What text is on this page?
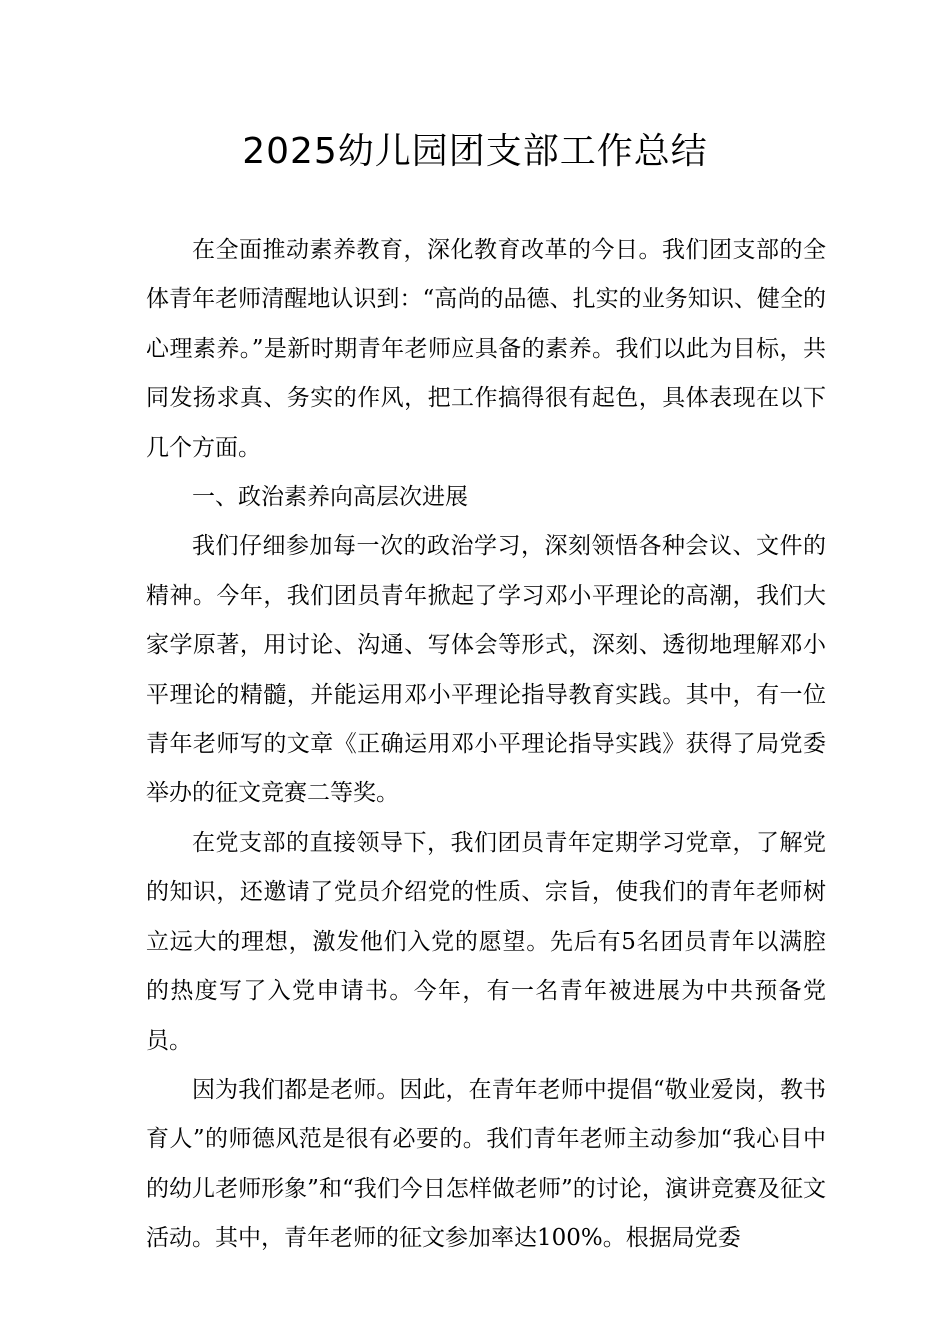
2025幼儿园团支部工作总结

在全面推动素养教育，深化教育改革的今日。我们团支部的全体青年老师清醒地认识到：“高尚的品德、扎实的业务知识、健全的心理素养。”是新时期青年老师应具备的素养。我们以此为目标，共同发扬求真、务实的作风，把工作搞得很有起色，具体表现在以下几个方面。

一、政治素养向高层次进展

我们仔细参加每一次的政治学习，深刻领悟各种会议、文件的精神。今年，我们团员青年掀起了学习邓小平理论的高潮，我们大家学原著，用讨论、沟通、写体会等形式，深刻、透彻地理解邓小平理论的精髓，并能运用邓小平理论指导教育实践。其中，有一位青年老师写的文章《正确运用邓小平理论指导实践》获得了局党委举办的征文竞赛二等奖。

在党支部的直接领导下，我们团员青年定期学习党章，了解党的知识，还邀请了党员介绍党的性质、宗旨，使我们的青年老师树立远大的理想，激发他们入党的愿望。先后有5名团员青年以满腔的热度写了入党申请书。今年，有一名青年被进展为中共预备党员。

因为我们都是老师。因此，在青年老师中提倡“敬业爱岗，教书育人”的师德风范是很有必要的。我们青年老师主动参加“我心目中的幼儿老师形象”和“我们今日怎样做老师”的讨论，演讲竞赛及征文活动。其中，青年老师的征文参加率达100%。根据局党委
